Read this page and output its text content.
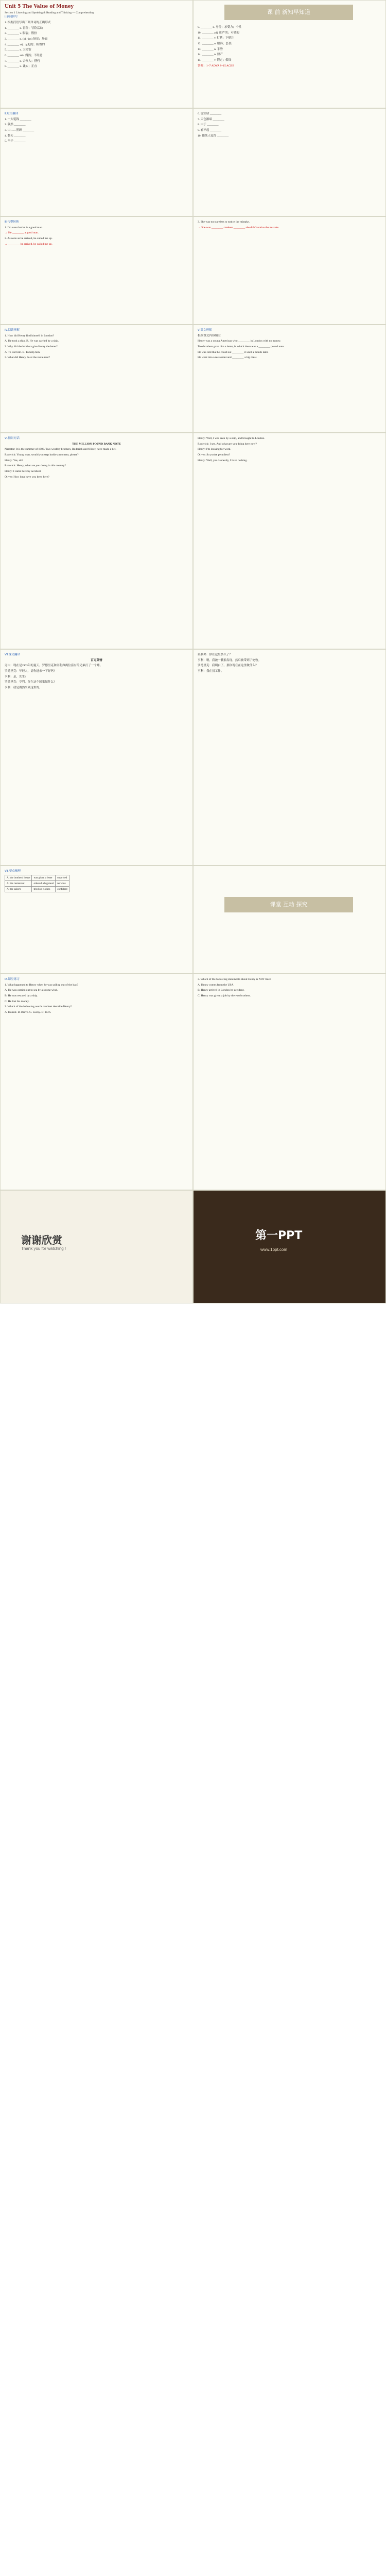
Unit 5 The Value of Money
Section 1 Listening and Speaking & Reading and Thinking — Comprehending

Ⅰ.单词拼写

1. 根据汉语写出下列单词的正确形式

1. ________ n. 冒险；冒险活动

2. ________ v. 假装；假扮

3. ________ n. (pl. -ies) 场景；场面

4. ________ adj. 无礼的；粗鲁的

5. ________ n. 大使馆

6. ________ adv. 偶然；不经意

7. ________ n. 合伙人；搭档

8. ________ n. 诚实；正直

课 前 新知早知道

9. ________ n. 身份；承受力；个性

10. ________ adj. 庄严的；可敬的

11. ________ v. 打赌；下赌注

12. ________ n. 服饰；套装

13. ________ n. 手势

14. ________ n. 财产

15. ________ v. 假定；假设

答案：1~7 ADVA 8~15 ACBB

Ⅱ.短语翻译

1. 一大笔钱 ________

2. 偶然 ________

3. 由……照顾 ________

4. 整天 ________

5. 至于 ________

6. 说实话 ________

7. 天色渐暗 ________

8. 由于 ________

9. 看不起 ________

10. 使某人觉得 ________

Ⅲ.句型转换

1. I'm sure that he is a good man.

→ He ________ a good man.

2. As soon as he arrived, he called me up.

→ ________ he arrived, he called me up.

3. She was too careless to notice the mistake.

→ She was ________ careless ________ she didn't notice the mistake.

Ⅳ.阅读理解

1. How did Henry find himself in London?

A. He took a ship. B. He was carried by a ship.

2. Why did the brothers give Henry the letter?

A. To test him. B. To help him.

3. What did Henry do at the restaurant?

Ⅴ.课文理解

根据课文内容填空

Henry was a young American who ________ in London with no money.

Two brothers gave him a letter, in which there was a ________ pound note.

He was told that he could not ________ it until a month later.

He went into a restaurant and ________ a big meal.

Ⅵ.情景对话

THE MILLION POUND BANK NOTE

Narrator: It is the summer of 1903. Two wealthy brothers, Roderick and Oliver, have made a bet.

Roderick: Young man, would you step inside a moment, please?

Henry: Yes, sir?

Roderick: Henry, what are you doing in this country?

Henry: I came here by accident.

Oliver: How long have you been here?

Henry: Well, I was seen by a ship, and brought to London.

Roderick: I see. And what are you doing here now?

Henry: I'm looking for work.

Oliver: So you're penniless?

Henry: Well, yes. Honestly, I have nothing.

Ⅶ.课文翻译

百万英镑

旁白：现在是1903年的夏天。罗德里克和奥利弗两位富有的兄弟打了一个赌。

罗德里克：年轻人，请你进来一下好吗？

亨利：是，先生？

罗德里克：亨利，你在这个国家做什么？

亨利：我是偶然来到这里的。

奥利弗：你在这里多久了？

亨利：嗯，我被一艘船发现，然后被带到了伦敦。

罗德里克：我明白了。那你现在在这里做什么？

亨利：我在找工作。

Ⅷ.要点梳理

At the brothers' house	was given a letter	surprised
At the restaurant	ordered a big meal	nervous
At the tailor's	tried on clothes	confident
课堂 互动 探究

Ⅸ.课堂练习

1. What happened to Henry when he was sailing out of the bay?

A. He was carried out to sea by a strong wind.

B. He was rescued by a ship.

C. He lost his money.

2. Which of the following words can best describe Henry?

A. Honest. B. Brave. C. Lucky. D. Rich.

3. Which of the following statements about Henry is NOT true?

A. Henry comes from the USA.

B. Henry arrived in London by accident.

C. Henry was given a job by the two brothers.

谢谢欣赏
Thank you for watching !
第一PPT
www.1ppt.com
